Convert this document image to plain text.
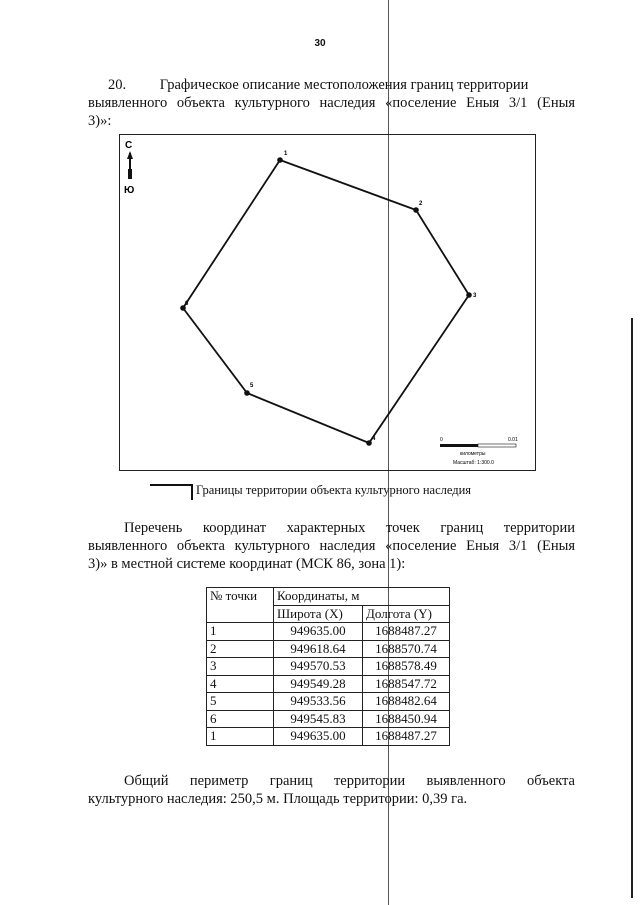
30
20. Графическое описание местоположения границ территории
выявленного объекта культурного наследия «поселение Еныя 3/1 (Еныя
3)»:
1
2
3
4
5
6
С
Ю
0	0.01
километры
Масштаб: 1:300.0
Границы территории объекта культурного наследия
Перечень координат характерных точек границ территории
выявленного объекта культурного наследия «поселение Еныя 3/1 (Еныя
3)» в местной системе координат (МСК 86, зона 1):
№ точки	Координаты, м	
	Широта (X)	Долгота (Y)
1	949635.00	1688487.27
2	949618.64	1688570.74
3	949570.53	1688578.49
4	949549.28	1688547.72
5	949533.56	1688482.64
6	949545.83	1688450.94
1	949635.00	1688487.27
Общий периметр границ территории выявленного объекта
культурного наследия: 250,5 м. Площадь территории: 0,39 га.
